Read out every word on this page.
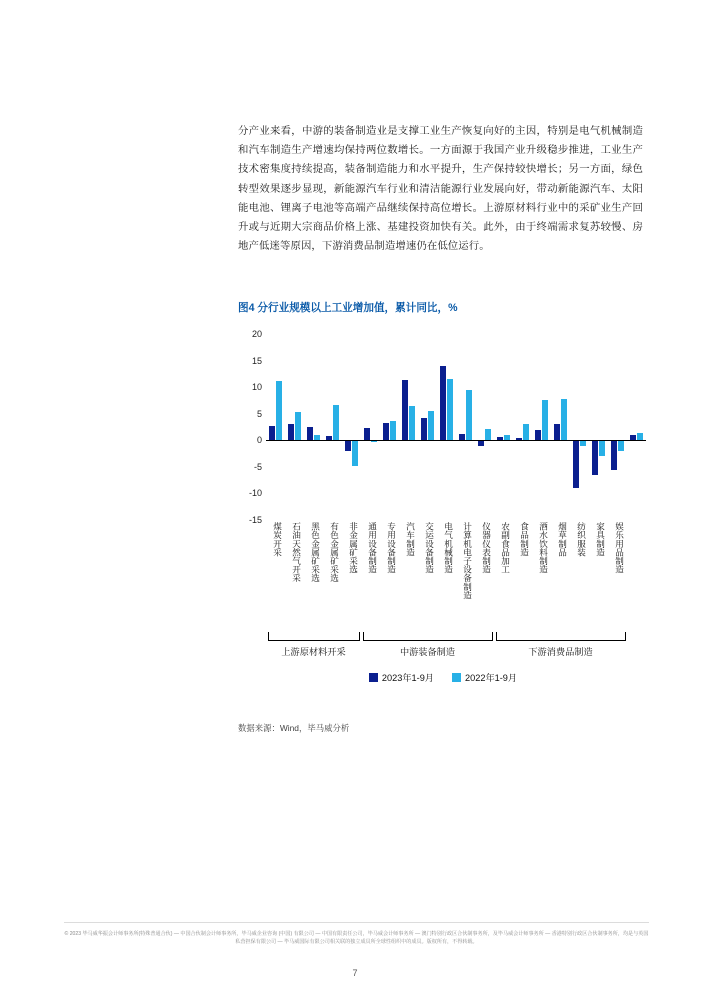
分产业来看，中游的装备制造业是支撑工业生产恢复向好的主因，特别是电气机械制造和汽车制造生产增速均保持两位数增长。一方面源于我国产业升级稳步推进，工业生产技术密集度持续提高，装备制造能力和水平提升，生产保持较快增长；另一方面，绿色转型效果逐步显现，新能源汽车行业和清洁能源行业发展向好，带动新能源汽车、太阳能电池、锂离子电池等高端产品继续保持高位增长。上游原材料行业中的采矿业生产回升或与近期大宗商品价格上涨、基建投资加快有关。此外，由于终端需求复苏较慢、房地产低迷等原因，下游消费品制造增速仍在低位运行。
图4 分行业规模以上工业增加值，累计同比，%
20
15
10
5
0
-5
-10
-15
煤炭开采	石油天然气开采	黑色金属矿采选	有色金属矿采选	非金属矿采选	通用设备制造	专用设备制造	汽车制造	交运设备制造	电气机械制造	计算机电子设备制造	仪器仪表制造	农副食品加工	食品制造	酒水饮料制造	烟草制品	纺织服装	家具制造	娱乐用品制造
上游原材料开采	中游装备制造	下游消费品制造
2023年1-9月	2022年1-9月
数据来源：Wind，毕马威分析
© 2023 毕马威华振会计师事务所(特殊普通合伙) — 中国合伙制会计师事务所，毕马威企业咨询 (中国) 有限公司 — 中国有限责任公司，毕马威会计师事务所 — 澳门特别行政区合伙制事务所，及毕马威会计师事务所 — 香港特别行政区合伙制事务所，均是与英国私营担保有限公司 — 毕马威国际有限公司相关联的独立成员所全球性组织中的成员。版权所有，不得转载。
7
